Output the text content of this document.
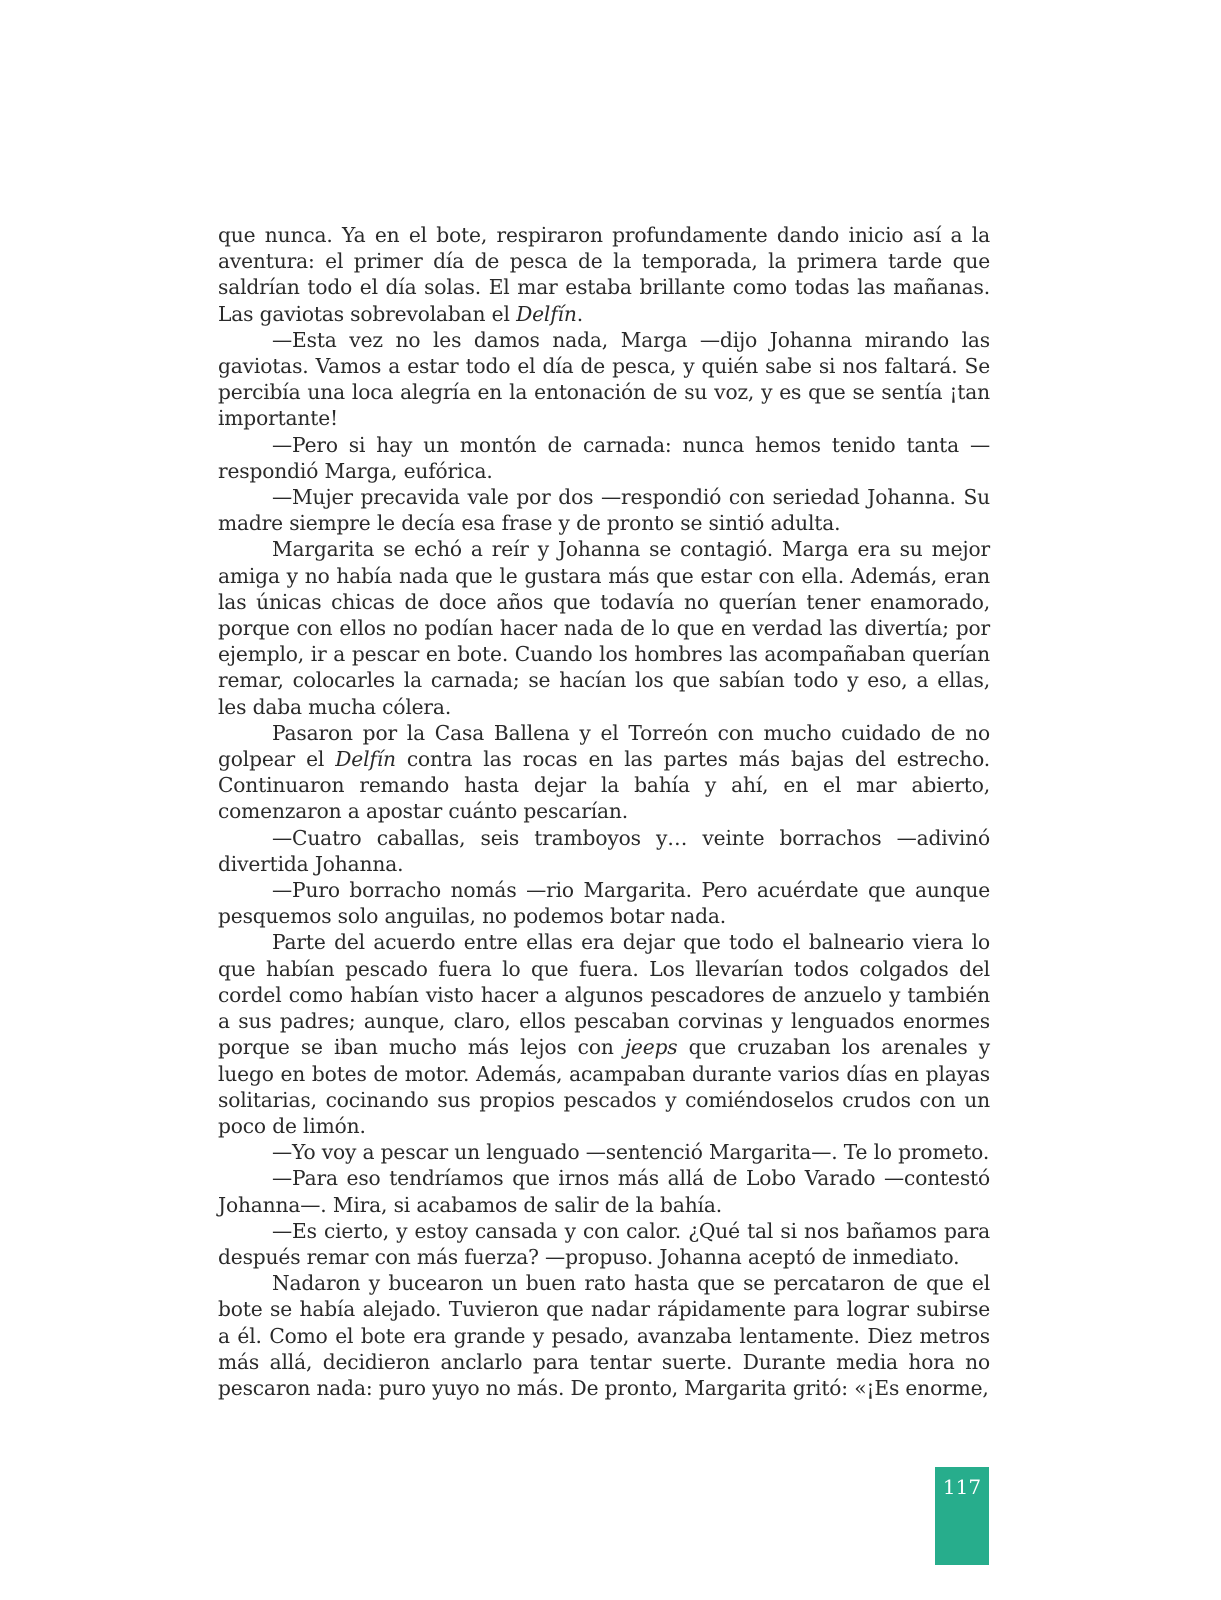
que nunca. Ya en el bote, respiraron profundamente dando inicio así a la aventura: el primer día de pesca de la temporada, la primera tarde que saldrían todo el día solas. El mar estaba brillante como todas las mañanas. Las gaviotas sobrevolaban el Delfín.

—Esta vez no les damos nada, Marga —dijo Johanna mirando las gaviotas. Vamos a estar todo el día de pesca, y quién sabe si nos faltará. Se percibía una loca alegría en la entonación de su voz, y es que se sentía ¡tan importante!

—Pero si hay un montón de carnada: nunca hemos tenido tanta —respondió Marga, eufórica.

—Mujer precavida vale por dos —respondió con seriedad Johanna. Su madre siempre le decía esa frase y de pronto se sintió adulta.

Margarita se echó a reír y Johanna se contagió. Marga era su mejor amiga y no había nada que le gustara más que estar con ella. Además, eran las únicas chicas de doce años que todavía no querían tener enamorado, porque con ellos no podían hacer nada de lo que en verdad las divertía; por ejemplo, ir a pescar en bote. Cuando los hombres las acompañaban querían remar, colocarles la carnada; se hacían los que sabían todo y eso, a ellas, les daba mucha cólera.

Pasaron por la Casa Ballena y el Torreón con mucho cuidado de no golpear el Delfín contra las rocas en las partes más bajas del estrecho. Continuaron remando hasta dejar la bahía y ahí, en el mar abierto, comenzaron a apostar cuánto pescarían.

—Cuatro caballas, seis tramboyos y… veinte borrachos —adivinó divertida Johanna.

—Puro borracho nomás —rio Margarita. Pero acuérdate que aunque pesquemos solo anguilas, no podemos botar nada.

Parte del acuerdo entre ellas era dejar que todo el balneario viera lo que habían pescado fuera lo que fuera. Los llevarían todos colgados del cordel como habían visto hacer a algunos pescadores de anzuelo y también a sus padres; aunque, claro, ellos pescaban corvinas y lenguados enormes porque se iban mucho más lejos con jeeps que cruzaban los arenales y luego en botes de motor. Además, acampaban durante varios días en playas solitarias, cocinando sus propios pescados y comiéndoselos crudos con un poco de limón.

—Yo voy a pescar un lenguado —sentenció Margarita—. Te lo prometo.

—Para eso tendríamos que irnos más allá de Lobo Varado —contestó Johanna—. Mira, si acabamos de salir de la bahía.

—Es cierto, y estoy cansada y con calor. ¿Qué tal si nos bañamos para después remar con más fuerza? —propuso. Johanna aceptó de inmediato.

Nadaron y bucearon un buen rato hasta que se percataron de que el bote se había alejado. Tuvieron que nadar rápidamente para lograr subirse a él. Como el bote era grande y pesado, avanzaba lentamente. Diez metros más allá, decidieron anclarlo para tentar suerte. Durante media hora no pescaron nada: puro yuyo no más. De pronto, Margarita gritó: «¡Es enorme,

117
